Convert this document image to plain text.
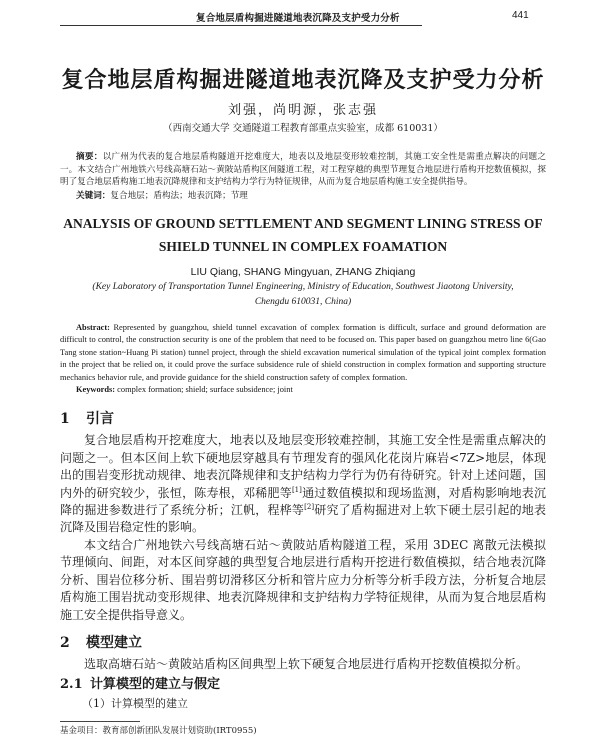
复合地层盾构掘进隧道地表沉降及支护受力分析	441
复合地层盾构掘进隧道地表沉降及支护受力分析
刘强，尚明源，张志强
（西南交通大学 交通隧道工程教育部重点实验室，成都 610031）
摘要：以广州为代表的复合地层盾构隧道开挖难度大，地表以及地层变形较难控制，其施工安全性是需重点解决的问题之一。本文结合广州地铁六号线高塘石站～黄陂站盾构区间隧道工程，对工程穿越的典型节理复合地层进行盾构开挖数值模拟，探明了复合地层盾构施工地表沉降规律和支护结构力学行为特征规律，从而为复合地层盾构施工安全提供指导。
关键词：复合地层；盾构法；地表沉降；节理
ANALYSIS OF GROUND SETTLEMENT AND SEGMENT LINING STRESS OF
SHIELD TUNNEL IN COMPLEX FOAMATION
LIU Qiang, SHANG Mingyuan, ZHANG Zhiqiang
(Key Laboratory of Transportation Tunnel Engineering, Ministry of Education, Southwest Jiaotong University, Chengdu 610031, China)

Abstract: Represented by guangzhou, shield tunnel excavation of complex formation is difficult, surface and ground deformation are difficult to control, the construction security is one of the problem that need to be focused on. This paper based on guangzhou metro line 6(Gao Tang stone station~Huang Pi station) tunnel project, through the shield excavation numerical simulation of the typical joint complex formation in the project that be relied on, it could prove the surface subsidence rule of shield construction in complex formation and supporting structure mechanics behavior rule, and provide guidance for the shield construction safety of complex formation.

Keywords: complex formation; shield; surface subsidence; joint

1 引言

复合地层盾构开挖难度大，地表以及地层变形较难控制，其施工安全性是需重点解决的问题之一。但本区间上软下硬地层穿越具有节理发育的强风化花岗片麻岩<7Z>地层，体现出的围岩变形扰动规律、地表沉降规律和支护结构力学行为仍有待研究。针对上述问题，国内外的研究较少，张恒，陈寿根，邓稀肥等[1]通过数值模拟和现场监测，对盾构影响地表沉降的掘进参数进行了系统分析；江帆，程桦等[2]研究了盾构掘进对上软下硬土层引起的地表沉降及围岩稳定性的影响。

本文结合广州地铁六号线高塘石站～黄陂站盾构隧道工程，采用 3DEC 离散元法模拟节理倾向、间距，对本区间穿越的典型复合地层进行盾构开挖进行数值模拟，结合地表沉降分析、围岩位移分析、围岩剪切滑移区分析和管片应力分析等分析手段方法，分析复合地层盾构施工围岩扰动变形规律、地表沉降规律和支护结构力学特征规律，从而为复合地层盾构施工安全提供指导意义。

2 模型建立

选取高塘石站～黄陂站盾构区间典型上软下硬复合地层进行盾构开挖数值模拟分析。

2.1 计算模型的建立与假定
（1）计算模型的建立
基金项目：教育部创新团队发展计划资助(IRT0955)
